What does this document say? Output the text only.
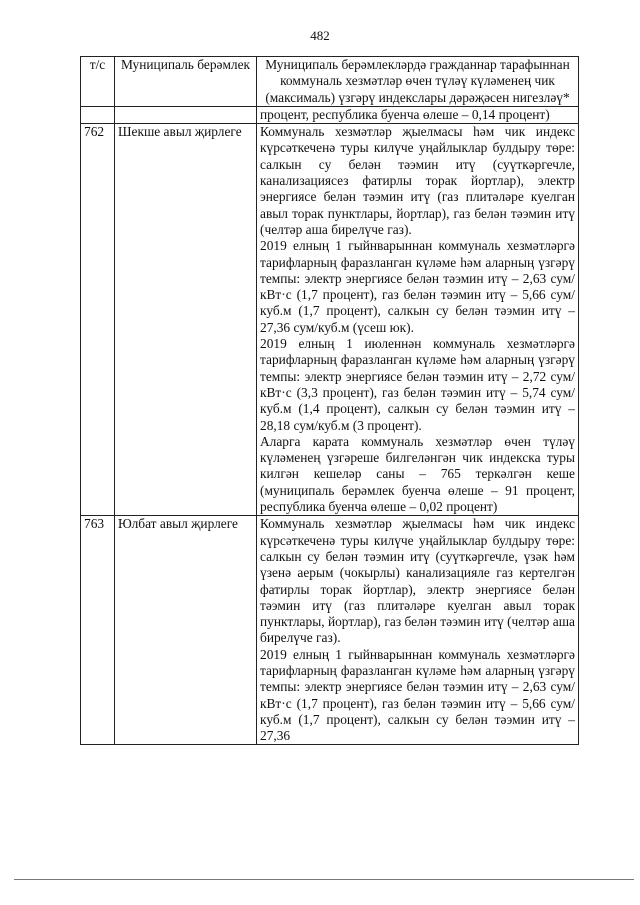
482
т/с	Муниципаль берәмлек	Муниципаль берәмлекләрдә гражданнар тарафыннан коммуналь хезмәтләр өчен түләү күләменең чик (максималь) үзгәрү индекслары дәрәҗәсен нигезләү*

		процент, республика буенча өлеше – 0,14 процент)

762	Шекше авыл җирлеге	Коммуналь хезмәтләр җыелмасы һәм чик индекс күрсәткеченә туры килүче уңайлыклар булдыру төре: салкын су белән тәэмин итү (суүткәргечле, канализациясез фатирлы торак йортлар), электр энергиясе белән тәэмин итү (газ плитәләре куелган авыл торак пунктлары, йортлар), газ белән тәэмин итү (челтәр аша бирелүче газ).
2019 елның 1 гыйнварыннан коммуналь хезмәтләргә тарифларның фаразланган күләме һәм аларның үзгәрү темпы: электр энергиясе белән тәэмин итү – 2,63 сум/кВт·с (1,7 процент), газ белән тәэмин итү – 5,66 сум/куб.м (1,7 процент), салкын су белән тәэмин итү – 27,36 сум/куб.м (үсеш юк).
2019 елның 1 июленнән коммуналь хезмәтләргә тарифларның фаразланган күләме һәм аларның үзгәрү темпы: электр энергиясе белән тәэмин итү – 2,72 сум/кВт·с (3,3 процент), газ белән тәэмин итү – 5,74 сум/куб.м (1,4 процент), салкын су белән тәэмин итү – 28,18 сум/куб.м (3 процент).
Аларга карата коммуналь хезмәтләр өчен түләү күләменең үзгәреше билгеләнгән чик индекска туры килгән кешеләр саны – 765 теркәлгән кеше (муниципаль берәмлек буенча өлеше – 91 процент, республика буенча өлеше – 0,02 процент)

763	Юлбат авыл җирлеге	Коммуналь хезмәтләр җыелмасы һәм чик индекс күрсәткеченә туры килүче уңайлыклар булдыру төре: салкын су белән тәэмин итү (суүткәргечле, үзәк һәм үзенә аерым (чокырлы) канализацияле газ кертелгән фатирлы торак йортлар), электр энергиясе белән тәэмин итү (газ плитәләре куелган авыл торак пунктлары, йортлар), газ белән тәэмин итү (челтәр аша бирелүче газ).
2019 елның 1 гыйнварыннан коммуналь хезмәтләргә тарифларның фаразланган күләме һәм аларның үзгәрү темпы: электр энергиясе белән тәэмин итү – 2,63 сум/кВт·с (1,7 процент), газ белән тәэмин итү – 5,66 сум/куб.м (1,7 процент), салкын су белән тәэмин итү – 27,36
